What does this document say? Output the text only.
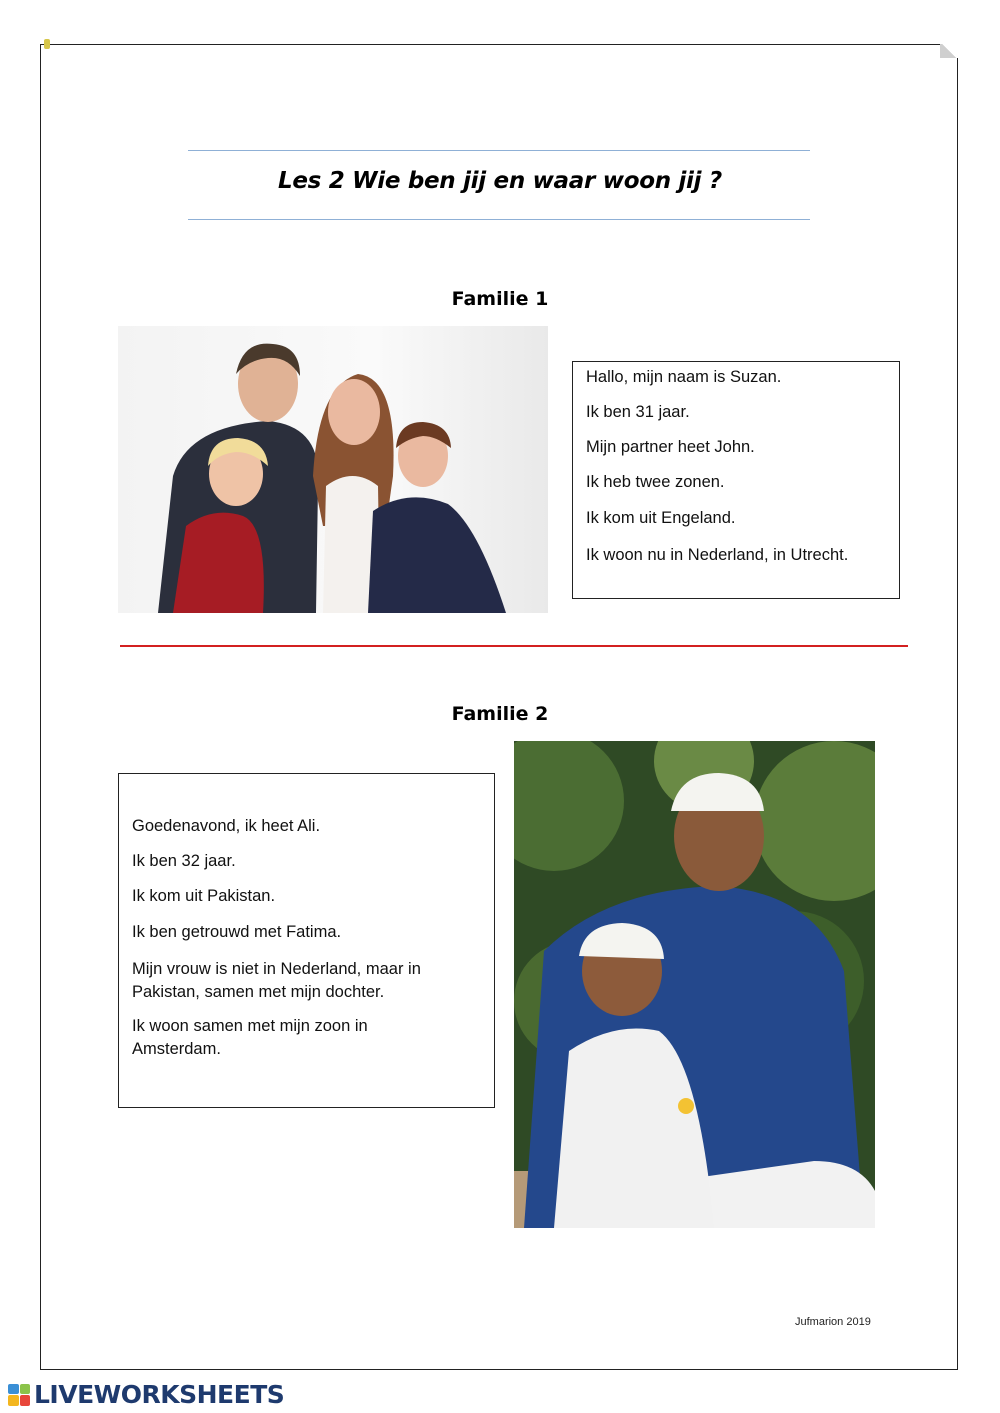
Les 2 Wie ben jij en waar woon jij ?
Familie 1
Hallo, mijn naam is Suzan.
Ik ben 31 jaar.
Mijn partner heet John.
Ik heb twee zonen.
Ik kom uit Engeland.
Ik woon nu in Nederland, in Utrecht.
Familie 2
Goedenavond, ik heet Ali.
Ik ben 32 jaar.
Ik kom uit Pakistan.
Ik ben getrouwd met Fatima.
Mijn vrouw is niet in Nederland, maar in Pakistan, samen met mijn dochter.
Ik woon samen met mijn zoon in Amsterdam.
Jufmarion 2019
LIVEWORKSHEETS
